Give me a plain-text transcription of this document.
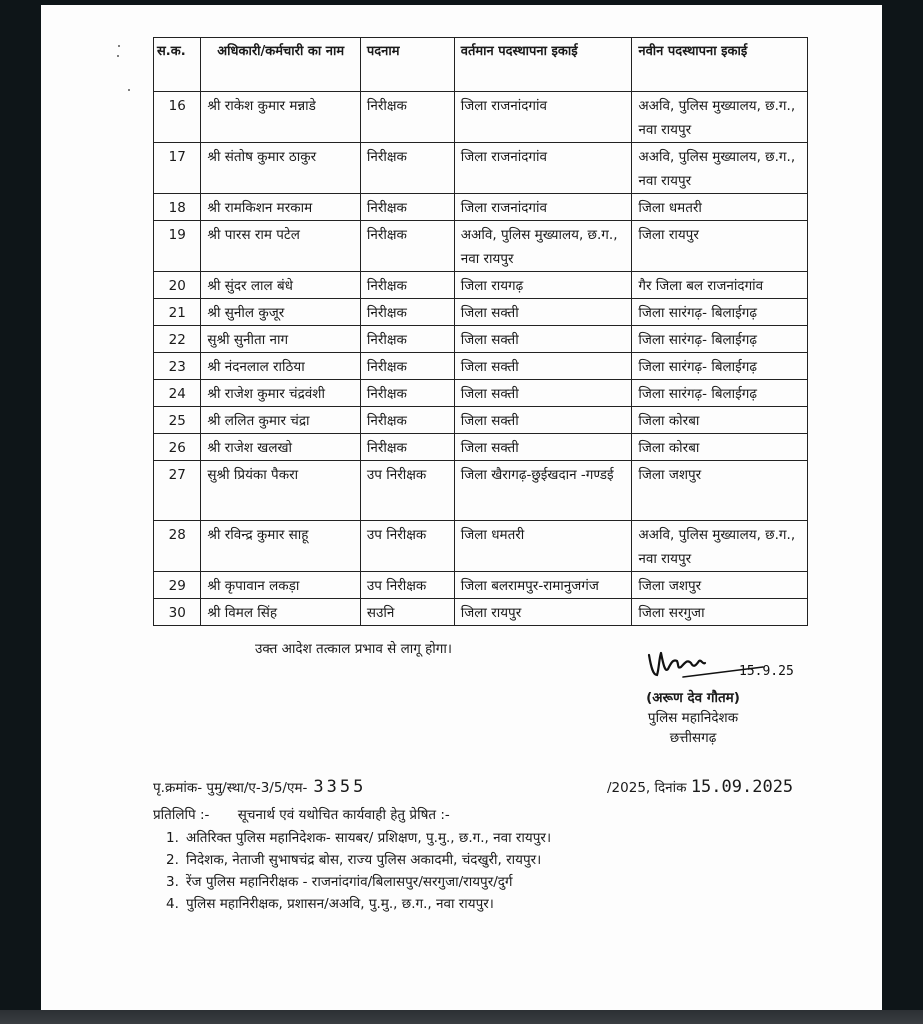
स.क.	अधिकारी/कर्मचारी का नाम	पदनाम	वर्तमान पदस्थापना इकाई	नवीन पदस्थापना इकाई
16	श्री राकेश कुमार मन्नाडे	निरीक्षक	जिला राजनांदगांव	अअवि, पुलिस मुख्यालय, छ.ग., नवा रायपुर
17	श्री संतोष कुमार ठाकुर	निरीक्षक	जिला राजनांदगांव	अअवि, पुलिस मुख्यालय, छ.ग., नवा रायपुर
18	श्री रामकिशन मरकाम	निरीक्षक	जिला राजनांदगांव	जिला धमतरी
19	श्री पारस राम पटेल	निरीक्षक	अअवि, पुलिस मुख्यालय, छ.ग., नवा रायपुर	जिला रायपुर
20	श्री सुंदर लाल बंधे	निरीक्षक	जिला रायगढ़	गैर जिला बल राजनांदगांव
21	श्री सुनील कुजूर	निरीक्षक	जिला सक्ती	जिला सारंगढ़- बिलाईगढ़
22	सुश्री सुनीता नाग	निरीक्षक	जिला सक्ती	जिला सारंगढ़- बिलाईगढ़
23	श्री नंदनलाल राठिया	निरीक्षक	जिला सक्ती	जिला सारंगढ़- बिलाईगढ़
24	श्री राजेश कुमार चंद्रवंशी	निरीक्षक	जिला सक्ती	जिला सारंगढ़- बिलाईगढ़
25	श्री ललित कुमार चंद्रा	निरीक्षक	जिला सक्ती	जिला कोरबा
26	श्री राजेश खलखो	निरीक्षक	जिला सक्ती	जिला कोरबा
27	सुश्री प्रियंका पैकरा	उप निरीक्षक	जिला खैरागढ़-छुईखदान -गण्डई	जिला जशपुर
28	श्री रविन्द्र कुमार साहू	उप निरीक्षक	जिला धमतरी	अअवि, पुलिस मुख्यालय, छ.ग., नवा रायपुर
29	श्री कृपावान लकड़ा	उप निरीक्षक	जिला बलरामपुर-रामानुजगंज	जिला जशपुर
30	श्री विमल सिंह	सउनि	जिला रायपुर	जिला सरगुजा
उक्त आदेश तत्काल प्रभाव से लागू होगा।
15.9.25
(अरूण देव गौतम)
पुलिस महानिदेशक
छत्तीसगढ़
पृ.क्रमांक- पुमु/स्था/ए-3/5/एम- 3355	/2025, दिनांक 15.09.2025
प्रतिलिपि :- सूचनार्थ एवं यथोचित कार्यवाही हेतु प्रेषित :-
1. अतिरिक्त पुलिस महानिदेशक- सायबर/ प्रशिक्षण, पु.मु., छ.ग., नवा रायपुर।
2. निदेशक, नेताजी सुभाषचंद्र बोस, राज्य पुलिस अकादमी, चंदखुरी, रायपुर।
3. रेंज पुलिस महानिरीक्षक - राजनांदगांव/बिलासपुर/सरगुजा/रायपुर/दुर्ग
4. पुलिस महानिरीक्षक, प्रशासन/अअवि, पु.मु., छ.ग., नवा रायपुर।
